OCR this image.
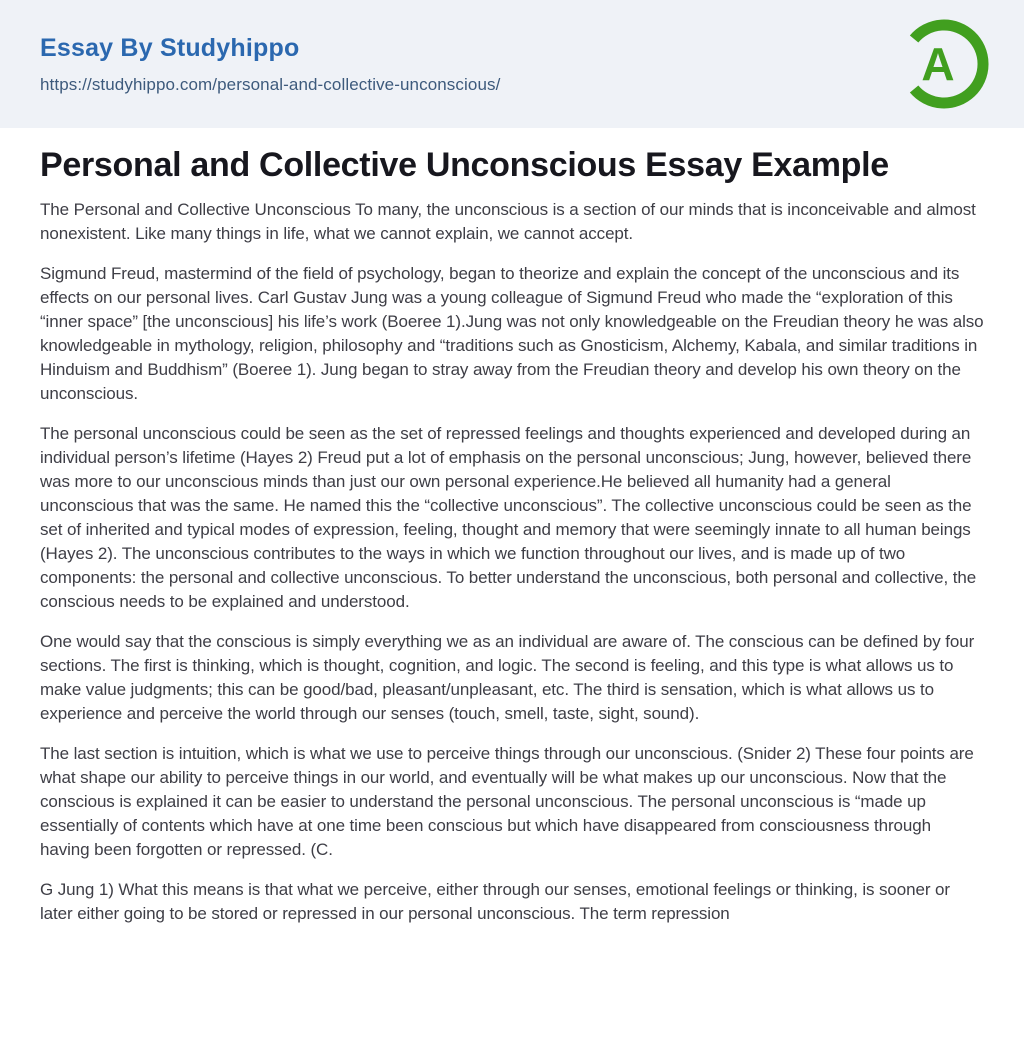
Essay By Studyhippo
https://studyhippo.com/personal-and-collective-unconscious/	A
Personal and Collective Unconscious Essay Example

The Personal and Collective Unconscious To many, the unconscious is a section of our minds that is inconceivable and almost nonexistent. Like many things in life, what we cannot explain, we cannot accept.

Sigmund Freud, mastermind of the field of psychology, began to theorize and explain the concept of the unconscious and its effects on our personal lives. Carl Gustav Jung was a young colleague of Sigmund Freud who made the “exploration of this “inner space” [the unconscious] his life’s work (Boeree 1).Jung was not only knowledgeable on the Freudian theory he was also knowledgeable in mythology, religion, philosophy and “traditions such as Gnosticism, Alchemy, Kabala, and similar traditions in Hinduism and Buddhism” (Boeree 1). Jung began to stray away from the Freudian theory and develop his own theory on the unconscious.

The personal unconscious could be seen as the set of repressed feelings and thoughts experienced and developed during an individual person’s lifetime (Hayes 2) Freud put a lot of emphasis on the personal unconscious; Jung, however, believed there was more to our unconscious minds than just our own personal experience.He believed all humanity had a general unconscious that was the same. He named this the “collective unconscious”. The collective unconscious could be seen as the set of inherited and typical modes of expression, feeling, thought and memory that were seemingly innate to all human beings (Hayes 2). The unconscious contributes to the ways in which we function throughout our lives, and is made up of two components: the personal and collective unconscious. To better understand the unconscious, both personal and collective, the conscious needs to be explained and understood.

One would say that the conscious is simply everything we as an individual are aware of. The conscious can be defined by four sections. The first is thinking, which is thought, cognition, and logic. The second is feeling, and this type is what allows us to make value judgments; this can be good/bad, pleasant/unpleasant, etc. The third is sensation, which is what allows us to experience and perceive the world through our senses (touch, smell, taste, sight, sound).

The last section is intuition, which is what we use to perceive things through our unconscious. (Snider 2) These four points are what shape our ability to perceive things in our world, and eventually will be what makes up our unconscious. Now that the conscious is explained it can be easier to understand the personal unconscious. The personal unconscious is “made up essentially of contents which have at one time been conscious but which have disappeared from consciousness through having been forgotten or repressed. (C.

G Jung 1) What this means is that what we perceive, either through our senses, emotional feelings or thinking, is sooner or later either going to be stored or repressed in our personal unconscious. The term repression
